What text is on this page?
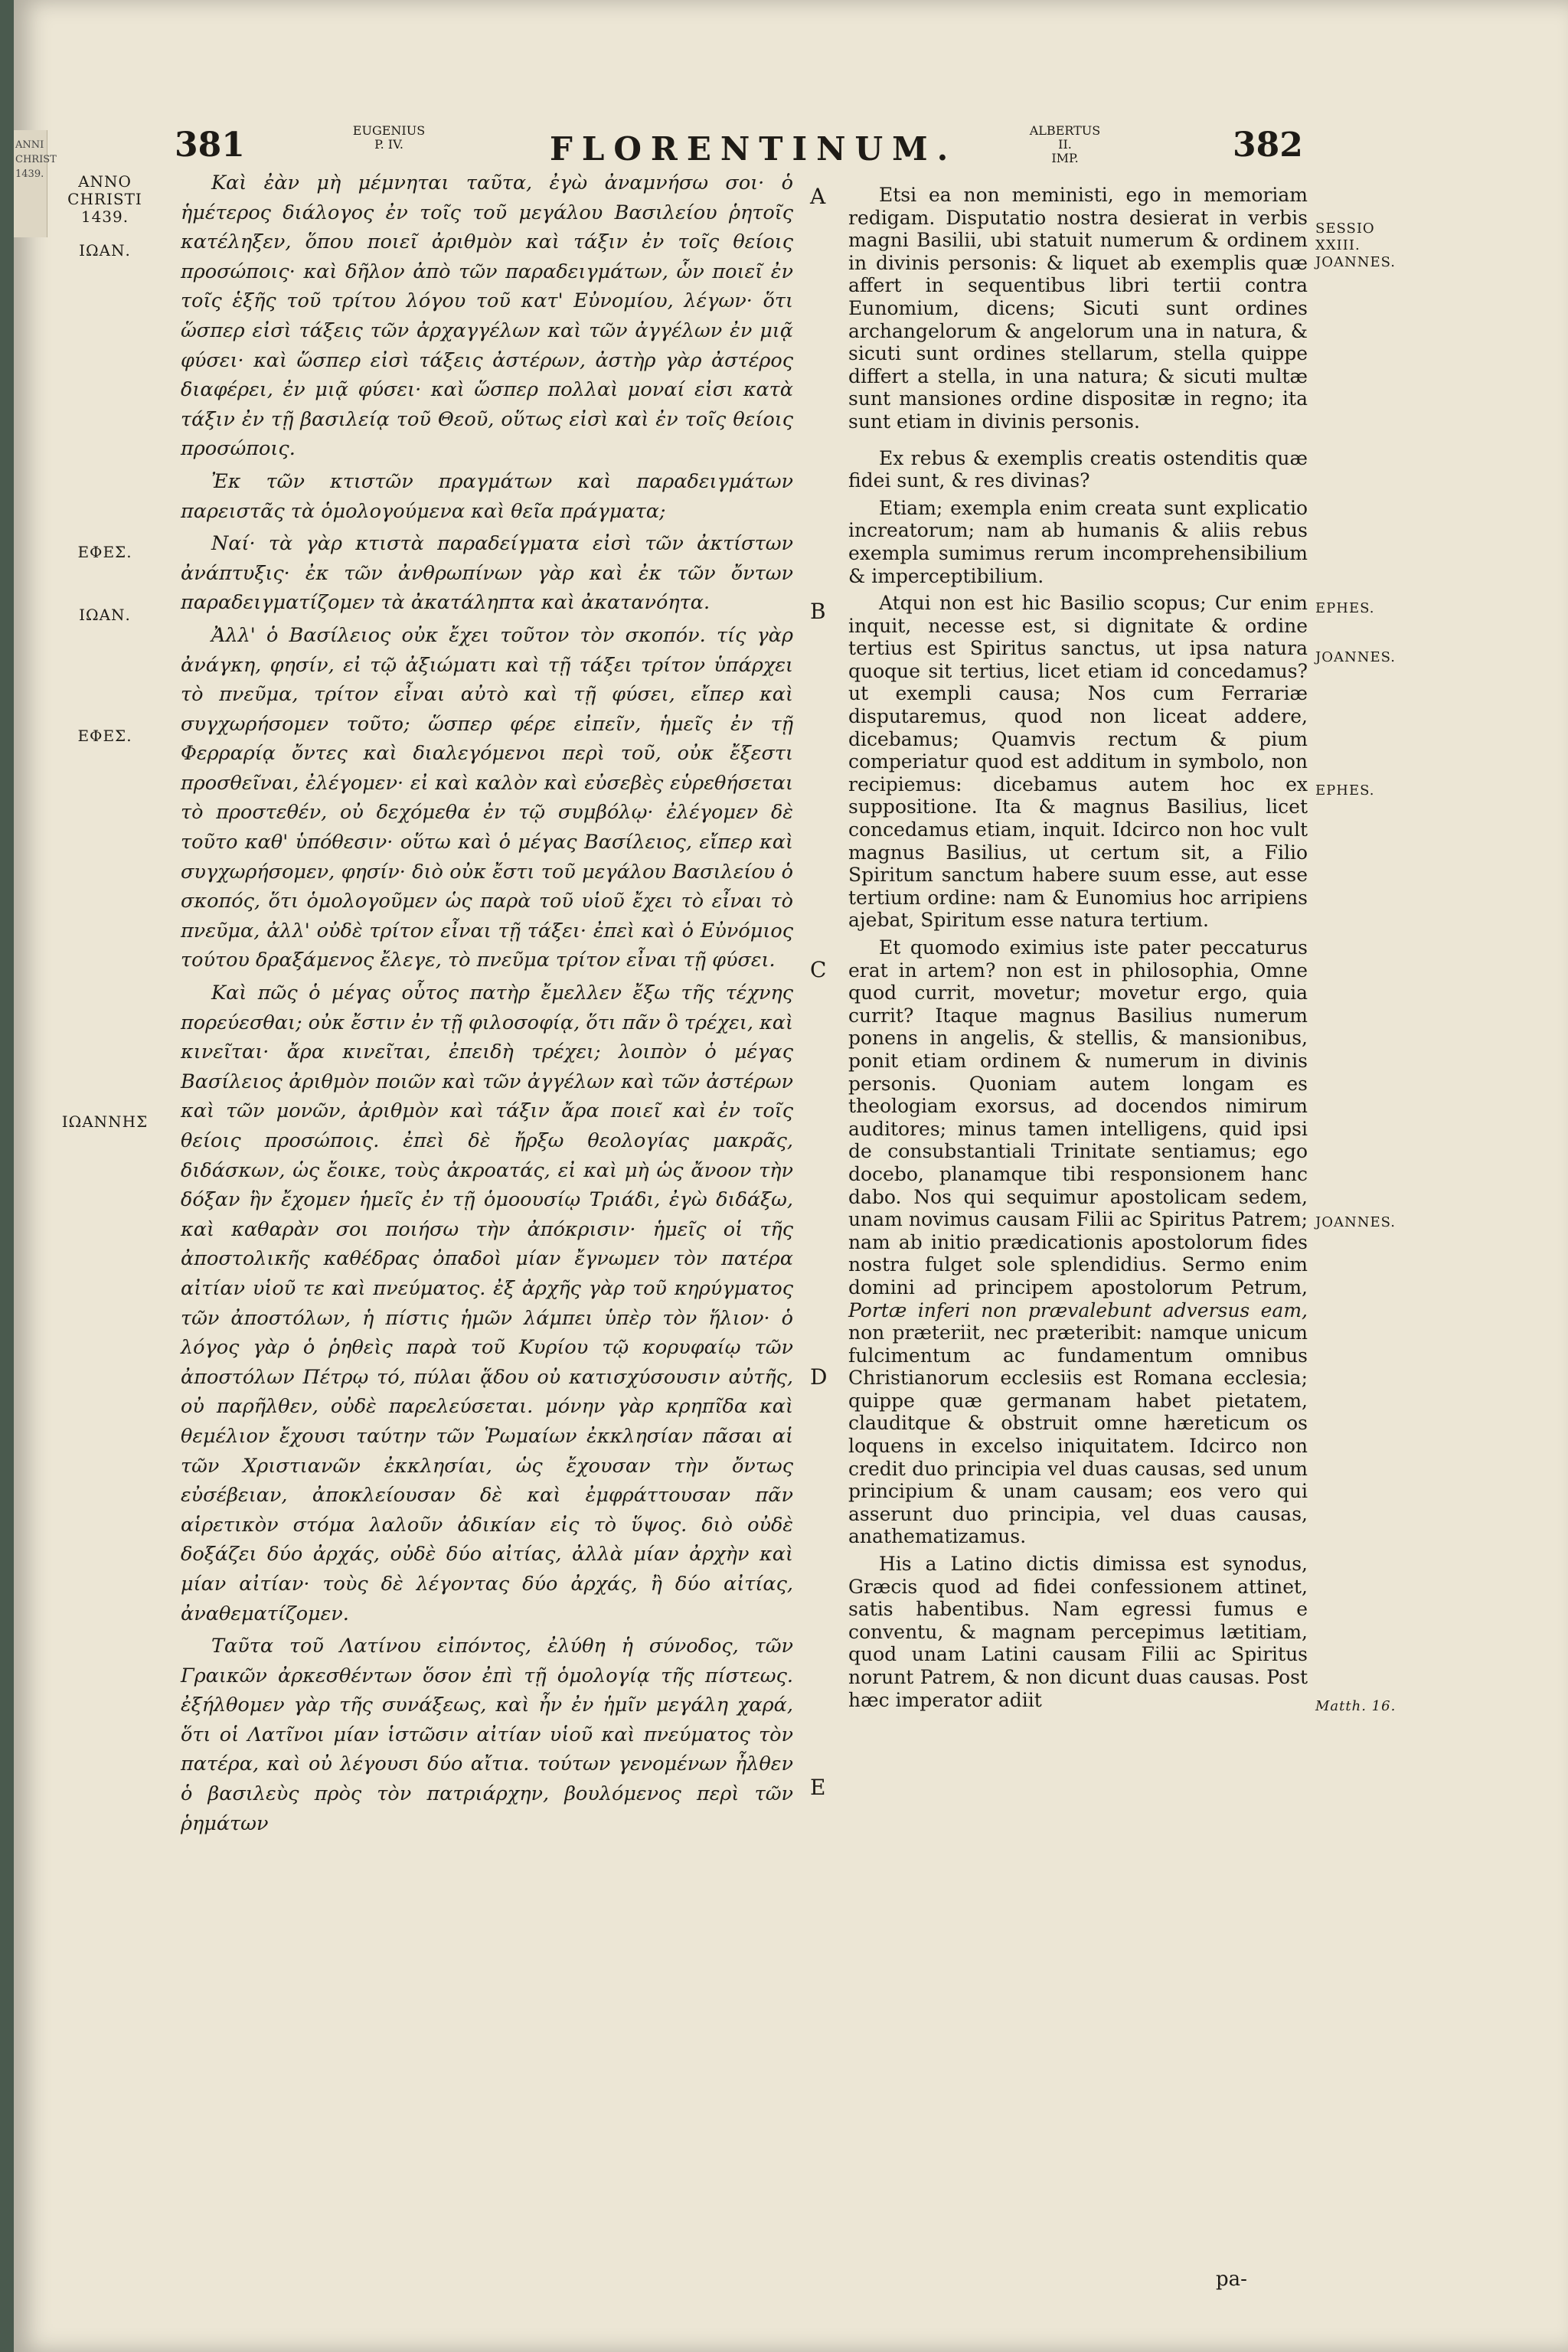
ANNI CHRIST 1439.
381	EUGENIUS
P. IV.	FLORENTINUM.	ALBERTUS II.
IMP.	382
ANNO
CHRISTI
1439.
ΙΩΑΝ.
ΕΦΕΣ.
ΙΩΑΝ.
ΕΦΕΣ.
ΙΩΑΝΝΗΣ

Καὶ ἐὰν μὴ μέμνηται ταῦτα, ἐγὼ ἀναμνήσω σοι· ὁ ἡμέτερος διάλογος ἐν τοῖς τοῦ μεγάλου Βασιλείου ῥητοῖς κατέληξεν, ὅπου ποιεῖ ἀριθμὸν καὶ τάξιν ἐν τοῖς θείοις προσώποις· καὶ δῆλον ἀπὸ τῶν παραδειγμάτων, ὧν ποιεῖ ἐν τοῖς ἑξῆς τοῦ τρίτου λόγου τοῦ κατ' Εὐνομίου, λέγων· ὅτι ὥσπερ εἰσὶ τάξεις τῶν ἀρχαγγέλων καὶ τῶν ἀγγέλων ἐν μιᾷ φύσει· καὶ ὥσπερ εἰσὶ τάξεις ἀστέρων, ἀστὴρ γὰρ ἀστέρος διαφέρει, ἐν μιᾷ φύσει· καὶ ὥσπερ πολλαὶ μοναί εἰσι κατὰ τάξιν ἐν τῇ βασιλείᾳ τοῦ Θεοῦ, οὕτως εἰσὶ καὶ ἐν τοῖς θείοις προσώποις.

Ἐκ τῶν κτιστῶν πραγμάτων καὶ παραδειγμάτων παρειστᾶς τὰ ὁμολογούμενα καὶ θεῖα πράγματα;

Ναί· τὰ γὰρ κτιστὰ παραδείγματα εἰσὶ τῶν ἀκτίστων ἀνάπτυξις· ἐκ τῶν ἀνθρωπίνων γὰρ καὶ ἐκ τῶν ὄντων παραδειγματίζομεν τὰ ἀκατάληπτα καὶ ἀκατανόητα.

Ἀλλ' ὁ Βασίλειος οὐκ ἔχει τοῦτον τὸν σκοπόν. τίς γὰρ ἀνάγκη, φησίν, εἰ τῷ ἀξιώματι καὶ τῇ τάξει τρίτον ὑπάρχει τὸ πνεῦμα, τρίτον εἶναι αὐτὸ καὶ τῇ φύσει, εἴπερ καὶ συγχωρήσομεν τοῦτο; ὥσπερ φέρε εἰπεῖν, ἡμεῖς ἐν τῇ Φερραρίᾳ ὄντες καὶ διαλεγόμενοι περὶ τοῦ, οὐκ ἔξεστι προσθεῖναι, ἐλέγομεν· εἰ καὶ καλὸν καὶ εὐσεβὲς εὑρεθήσεται τὸ προστεθέν, οὐ δεχόμεθα ἐν τῷ συμβόλῳ· ἐλέγομεν δὲ τοῦτο καθ' ὑπόθεσιν· οὕτω καὶ ὁ μέγας Βασίλειος, εἴπερ καὶ συγχωρήσομεν, φησίν· διὸ οὐκ ἔστι τοῦ μεγάλου Βασιλείου ὁ σκοπός, ὅτι ὁμολογοῦμεν ὡς παρὰ τοῦ υἱοῦ ἔχει τὸ εἶναι τὸ πνεῦμα, ἀλλ' οὐδὲ τρίτον εἶναι τῇ τάξει· ἐπεὶ καὶ ὁ Εὐνόμιος τούτου δραξάμενος ἔλεγε, τὸ πνεῦμα τρίτον εἶναι τῇ φύσει.

Καὶ πῶς ὁ μέγας οὗτος πατὴρ ἔμελλεν ἔξω τῆς τέχνης πορεύεσθαι; οὐκ ἔστιν ἐν τῇ φιλοσοφίᾳ, ὅτι πᾶν ὃ τρέχει, καὶ κινεῖται· ἄρα κινεῖται, ἐπειδὴ τρέχει; λοιπὸν ὁ μέγας Βασίλειος ἀριθμὸν ποιῶν καὶ τῶν ἀγγέλων καὶ τῶν ἀστέρων καὶ τῶν μονῶν, ἀριθμὸν καὶ τάξιν ἄρα ποιεῖ καὶ ἐν τοῖς θείοις προσώποις. ἐπεὶ δὲ ἤρξω θεολογίας μακρᾶς, διδάσκων, ὡς ἔοικε, τοὺς ἀκροατάς, εἰ καὶ μὴ ὡς ἄνοον τὴν δόξαν ἣν ἔχομεν ἡμεῖς ἐν τῇ ὁμοουσίῳ Τριάδι, ἐγὼ διδάξω, καὶ καθαρὰν σοι ποιήσω τὴν ἀπόκρισιν· ἡμεῖς οἱ τῆς ἀποστολικῆς καθέδρας ὀπαδοὶ μίαν ἔγνωμεν τὸν πατέρα αἰτίαν υἱοῦ τε καὶ πνεύματος. ἐξ ἀρχῆς γὰρ τοῦ κηρύγματος τῶν ἀποστόλων, ἡ πίστις ἡμῶν λάμπει ὑπὲρ τὸν ἥλιον· ὁ λόγος γὰρ ὁ ῥηθεὶς παρὰ τοῦ Κυρίου τῷ κορυφαίῳ τῶν ἀποστόλων Πέτρῳ τό, πύλαι ᾅδου οὐ κατισχύσουσιν αὐτῆς, οὐ παρῆλθεν, οὐδὲ παρελεύσεται. μόνην γὰρ κρηπῖδα καὶ θεμέλιον ἔχουσι ταύτην τῶν Ῥωμαίων ἐκκλησίαν πᾶσαι αἱ τῶν Χριστιανῶν ἐκκλησίαι, ὡς ἔχουσαν τὴν ὄντως εὐσέβειαν, ἀποκλείουσαν δὲ καὶ ἐμφράττουσαν πᾶν αἱρετικὸν στόμα λαλοῦν ἀδικίαν εἰς τὸ ὕψος. διὸ οὐδὲ δοξάζει δύο ἀρχάς, οὐδὲ δύο αἰτίας, ἀλλὰ μίαν ἀρχὴν καὶ μίαν αἰτίαν· τοὺς δὲ λέγοντας δύο ἀρχάς, ἢ δύο αἰτίας, ἀναθεματίζομεν.

Ταῦτα τοῦ Λατίνου εἰπόντος, ἐλύθη ἡ σύνοδος, τῶν Γραικῶν ἀρκεσθέντων ὅσον ἐπὶ τῇ ὁμολογίᾳ τῆς πίστεως. ἐξήλθομεν γὰρ τῆς συνάξεως, καὶ ἦν ἐν ἡμῖν μεγάλη χαρά, ὅτι οἱ Λατῖνοι μίαν ἱστῶσιν αἰτίαν υἱοῦ καὶ πνεύματος τὸν πατέρα, καὶ οὐ λέγουσι δύο αἴτια. τούτων γενομένων ἦλθεν ὁ βασιλεὺς πρὸς τὸν πατριάρχην, βουλόμενος περὶ τῶν ῥημάτων

A
B
C
D
E

Etsi ea non meministi, ego in memoriam redigam. Disputatio nostra desierat in verbis magni Basilii, ubi statuit numerum & ordinem in divinis personis: & liquet ab exemplis quæ affert in sequentibus libri tertii contra Eunomium, dicens; Sicuti sunt ordines archangelorum & angelorum una in natura, & sicuti sunt ordines stellarum, stella quippe differt a stella, in una natura; & sicuti multæ sunt mansiones ordine dispositæ in regno; ita sunt etiam in divinis personis.

Ex rebus & exemplis creatis ostenditis quæ fidei sunt, & res divinas?

Etiam; exempla enim creata sunt explicatio increatorum; nam ab humanis & aliis rebus exempla sumimus rerum incomprehensibilium & imperceptibilium.

Atqui non est hic Basilio scopus; Cur enim inquit, necesse est, si dignitate & ordine tertius est Spiritus sanctus, ut ipsa natura quoque sit tertius, licet etiam id concedamus? ut exempli causa; Nos cum Ferrariæ disputaremus, quod non liceat addere, dicebamus; Quamvis rectum & pium comperiatur quod est additum in symbolo, non recipiemus: dicebamus autem hoc ex suppositione. Ita & magnus Basilius, licet concedamus etiam, inquit. Idcirco non hoc vult magnus Basilius, ut certum sit, a Filio Spiritum sanctum habere suum esse, aut esse tertium ordine: nam & Eunomius hoc arripiens ajebat, Spiritum esse natura tertium.

Et quomodo eximius iste pater peccaturus erat in artem? non est in philosophia, Omne quod currit, movetur; movetur ergo, quia currit? Itaque magnus Basilius numerum ponens in angelis, & stellis, & mansionibus, ponit etiam ordinem & numerum in divinis personis. Quoniam autem longam es theologiam exorsus, ad docendos nimirum auditores; minus tamen intelligens, quid ipsi de consubstantiali Trinitate sentiamus; ego docebo, planamque tibi responsionem hanc dabo. Nos qui sequimur apostolicam sedem, unam novimus causam Filii ac Spiritus Patrem; nam ab initio prædicationis apostolorum fides nostra fulget sole splendidius. Sermo enim domini ad principem apostolorum Petrum, Portæ inferi non prævalebunt adversus eam, non præteriit, nec præteribit: namque unicum fulcimentum ac fundamentum omnibus Christianorum ecclesiis est Romana ecclesia; quippe quæ germanam habet pietatem, clauditque & obstruit omne hæreticum os loquens in excelso iniquitatem. Idcirco non credit duo principia vel duas causas, sed unum principium & unam causam; eos vero qui asserunt duo principia, vel duas causas, anathematizamus.

His a Latino dictis dimissa est synodus, Græcis quod ad fidei confessionem attinet, satis habentibus. Nam egressi fumus e conventu, & magnam percepimus lætitiam, quod unam Latini causam Filii ac Spiritus norunt Patrem, & non dicunt duas causas. Post hæc imperator adiit

SESSIO
XXIII.
JOANNES.
EPHES.
JOANNES.
EPHES.
JOANNES.
Matth. 16.
pa-
